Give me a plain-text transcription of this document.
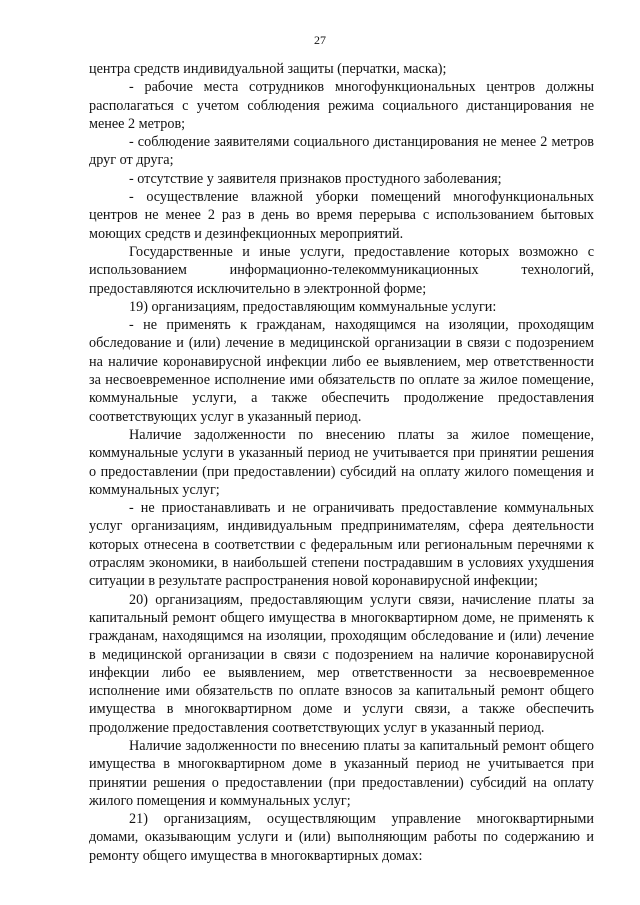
27

центра средств индивидуальной защиты (перчатки, маска);

- рабочие места сотрудников многофункциональных центров должны располагаться с учетом соблюдения режима социального дистанцирования не менее 2 метров;

- соблюдение заявителями социального дистанцирования не менее 2 метров друг от друга;

- отсутствие у заявителя признаков простудного заболевания;

- осуществление влажной уборки помещений многофункциональных центров не менее 2 раз в день во время перерыва с использованием бытовых моющих средств и дезинфекционных мероприятий.

Государственные и иные услуги, предоставление которых возможно с использованием информационно-телекоммуникационных технологий, предоставляются исключительно в электронной форме;

19) организациям, предоставляющим коммунальные услуги:

- не применять к гражданам, находящимся на изоляции, проходящим обследование и (или) лечение в медицинской организации в связи с подозрением на наличие коронавирусной инфекции либо ее выявлением, мер ответственности за несвоевременное исполнение ими обязательств по оплате за жилое помещение, коммунальные услуги, а также обеспечить продолжение предоставления соответствующих услуг в указанный период.

Наличие задолженности по внесению платы за жилое помещение, коммунальные услуги в указанный период не учитывается при принятии решения о предоставлении (при предоставлении) субсидий на оплату жилого помещения и коммунальных услуг;

- не приостанавливать и не ограничивать предоставление коммунальных услуг организациям, индивидуальным предпринимателям, сфера деятельности которых отнесена в соответствии с федеральным или региональным перечнями к отраслям экономики, в наибольшей степени пострадавшим в условиях ухудшения ситуации в результате распространения новой коронавирусной инфекции;

20) организациям, предоставляющим услуги связи, начисление платы за капитальный ремонт общего имущества в многоквартирном доме, не применять к гражданам, находящимся на изоляции, проходящим обследование и (или) лечение в медицинской организации в связи с подозрением на наличие коронавирусной инфекции либо ее выявлением, мер ответственности за несвоевременное исполнение ими обязательств по оплате взносов за капитальный ремонт общего имущества в многоквартирном доме и услуги связи, а также обеспечить продолжение предоставления соответствующих услуг в указанный период.

Наличие задолженности по внесению платы за капитальный ремонт общего имущества в многоквартирном доме в указанный период не учитывается при принятии решения о предоставлении (при предоставлении) субсидий на оплату жилого помещения и коммунальных услуг;

21) организациям, осуществляющим управление многоквартирными домами, оказывающим услуги и (или) выполняющим работы по содержанию и ремонту общего имущества в многоквартирных домах:
